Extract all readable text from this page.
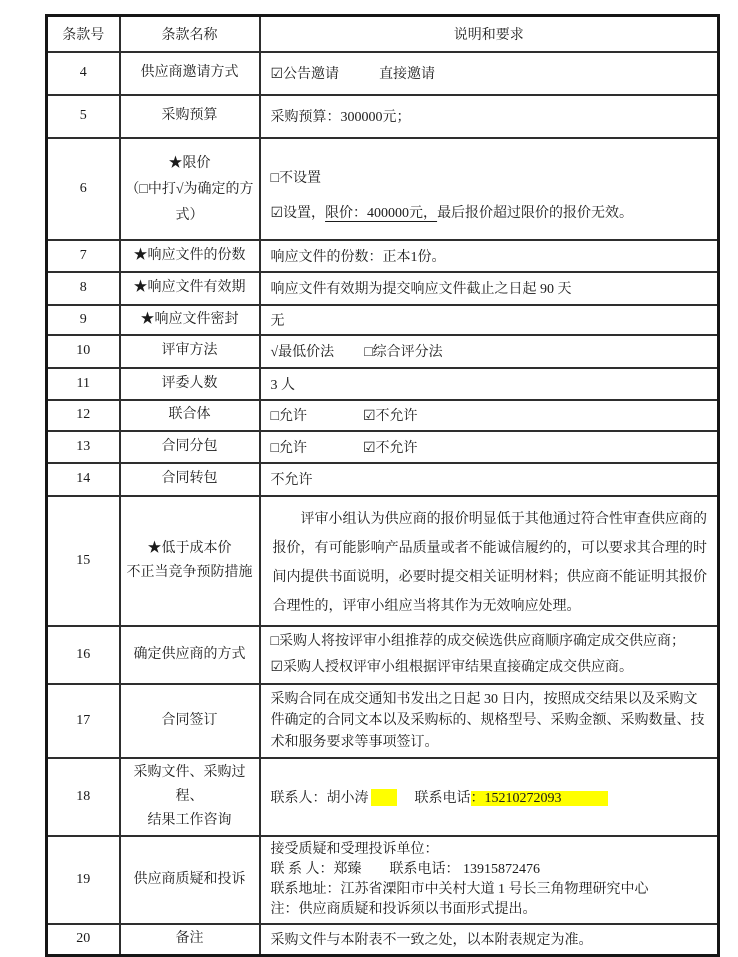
条款号	条款名称	说明和要求
4	供应商邀请方式	☑公告邀请 直接邀请
5	采购预算	采购预算：300000元；
6	★限价
（□中打√为确定的方式）	□不设置
☑设置，限价：400000元，最后报价超过限价的报价无效。

7	★响应文件的份数	响应文件的份数：正本1份。
8	★响应文件有效期	响应文件有效期为提交响应文件截止之日起 90 天
9	★响应文件密封	无
10	评审方法	√最低价法 □综合评分法
11	评委人数	3 人
12	联合体	□允许 ☑不允许
13	合同分包	□允许 ☑不允许
14	合同转包	不允许
15	★低于成本价
不正当竞争预防措施	评审小组认为供应商的报价明显低于其他通过符合性审查供应商的报价，有可能影响产品质量或者不能诚信履约的，可以要求其合理的时间内提供书面说明，必要时提交相关证明材料；供应商不能证明其报价合理性的，评审小组应当将其作为无效响应处理。
16	确定供应商的方式	□采购人将按评审小组推荐的成交候选供应商顺序确定成交供应商；
☑采购人授权评审小组根据评审结果直接确定成交供应商。

17	合同签订	采购合同在成交通知书发出之日起 30 日内，按照成交结果以及采购文件确定的合同文本以及采购标的、规格型号、采购金额、采购数量、技术和服务要求等事项签订。
18	采购文件、采购过程、
结果工作咨询	联系人：胡小涛 联系电话：15210272093
19	供应商质疑和投诉	接受质疑和受理投诉单位：
联 系 人：郑臻　　联系电话： 13915872476
联系地址：江苏省溧阳市中关村大道 1 号长三角物理研究中心
注：供应商质疑和投诉须以书面形式提出。

20	备注	采购文件与本附表不一致之处，以本附表规定为准。
